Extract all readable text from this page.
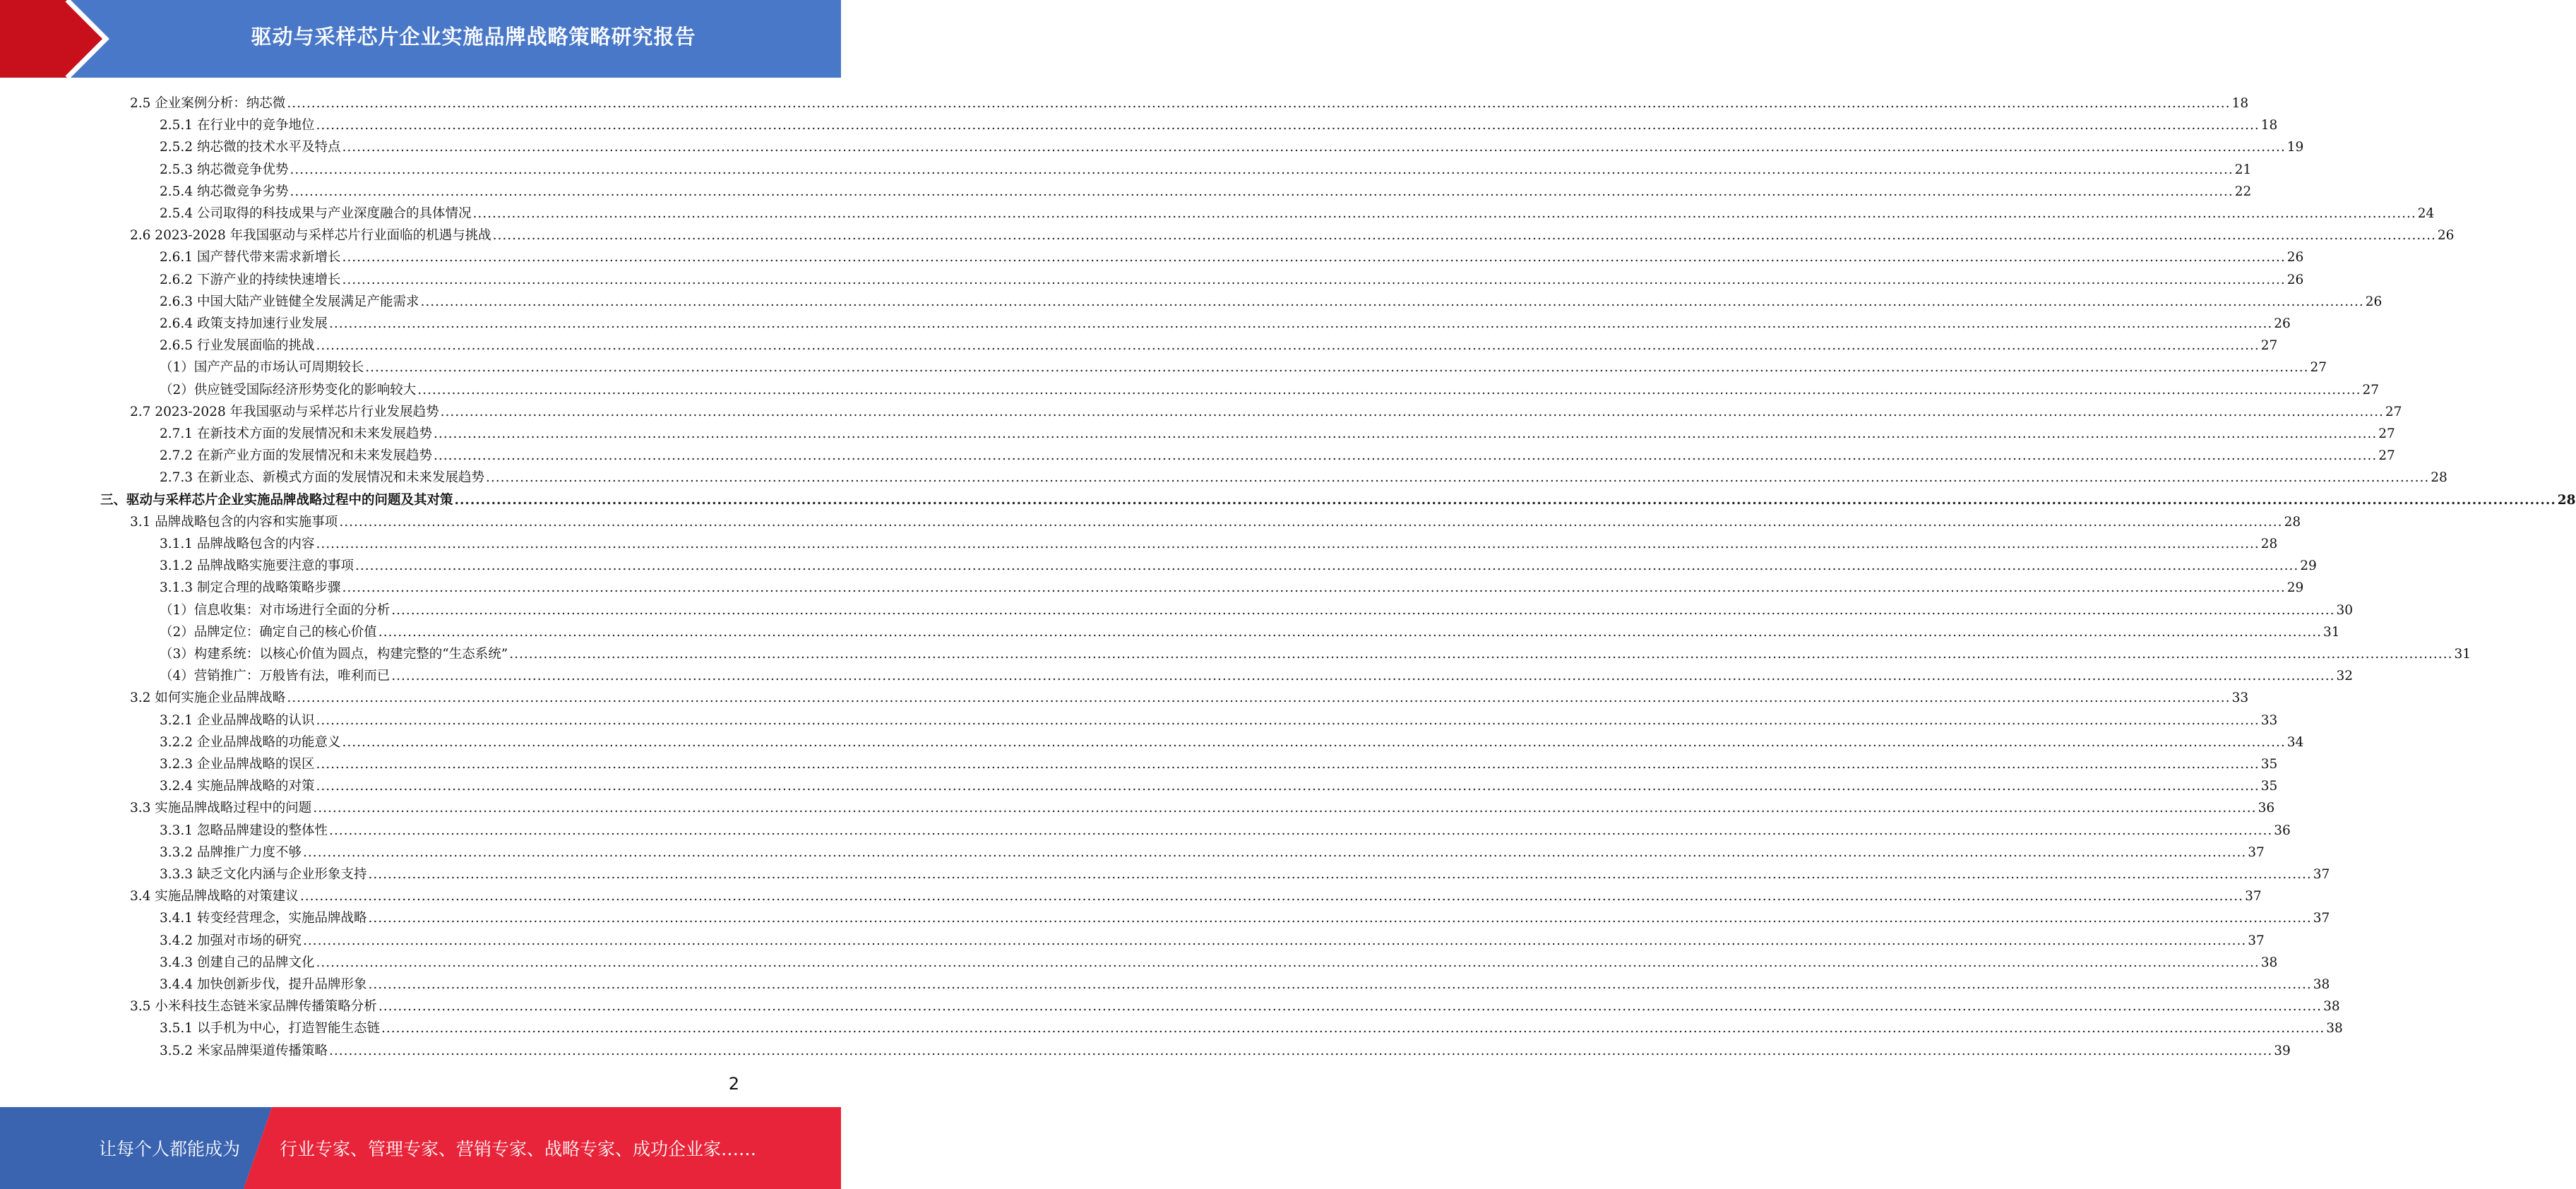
驱动与采样芯片企业实施品牌战略策略研究报告
2.5 企业案例分析：纳芯微 ................................................................................................................................................................................................................................................................................................................................................................................................................ 18
2.5.1 在行业中的竞争地位 ................................................................................................................................................................................................................................................................................................................................................................................................................ 18
2.5.2 纳芯微的技术水平及特点 ................................................................................................................................................................................................................................................................................................................................................................................................................ 19
2.5.3 纳芯微竞争优势 ................................................................................................................................................................................................................................................................................................................................................................................................................ 21
2.5.4 纳芯微竞争劣势 ................................................................................................................................................................................................................................................................................................................................................................................................................ 22
2.5.4 公司取得的科技成果与产业深度融合的具体情况 ................................................................................................................................................................................................................................................................................................................................................................................................................ 24
2.6 2023-2028 年我国驱动与采样芯片行业面临的机遇与挑战 ................................................................................................................................................................................................................................................................................................................................................................................................................ 26
2.6.1 国产替代带来需求新增长 ................................................................................................................................................................................................................................................................................................................................................................................................................ 26
2.6.2 下游产业的持续快速增长 ................................................................................................................................................................................................................................................................................................................................................................................................................ 26
2.6.3 中国大陆产业链健全发展满足产能需求 ................................................................................................................................................................................................................................................................................................................................................................................................................ 26
2.6.4 政策支持加速行业发展 ................................................................................................................................................................................................................................................................................................................................................................................................................ 26
2.6.5 行业发展面临的挑战 ................................................................................................................................................................................................................................................................................................................................................................................................................ 27
（1）国产产品的市场认可周期较长 ................................................................................................................................................................................................................................................................................................................................................................................................................ 27
（2）供应链受国际经济形势变化的影响较大 ................................................................................................................................................................................................................................................................................................................................................................................................................ 27
2.7 2023-2028 年我国驱动与采样芯片行业发展趋势 ................................................................................................................................................................................................................................................................................................................................................................................................................ 27
2.7.1 在新技术方面的发展情况和未来发展趋势 ................................................................................................................................................................................................................................................................................................................................................................................................................ 27
2.7.2 在新产业方面的发展情况和未来发展趋势 ................................................................................................................................................................................................................................................................................................................................................................................................................ 27
2.7.3 在新业态、新模式方面的发展情况和未来发展趋势 ................................................................................................................................................................................................................................................................................................................................................................................................................ 28
三、驱动与采样芯片企业实施品牌战略过程中的问题及其对策 ................................................................................................................................................................................................................................................................................................................................................................................................................ 28
3.1 品牌战略包含的内容和实施事项 ................................................................................................................................................................................................................................................................................................................................................................................................................ 28
3.1.1 品牌战略包含的内容 ................................................................................................................................................................................................................................................................................................................................................................................................................ 28
3.1.2 品牌战略实施要注意的事项 ................................................................................................................................................................................................................................................................................................................................................................................................................ 29
3.1.3 制定合理的战略策略步骤 ................................................................................................................................................................................................................................................................................................................................................................................................................ 29
（1）信息收集：对市场进行全面的分析 ................................................................................................................................................................................................................................................................................................................................................................................................................ 30
（2）品牌定位：确定自己的核心价值 ................................................................................................................................................................................................................................................................................................................................................................................................................ 31
（3）构建系统：以核心价值为圆点，构建完整的“生态系统” ................................................................................................................................................................................................................................................................................................................................................................................................................ 31
（4）营销推广：万般皆有法，唯利而已 ................................................................................................................................................................................................................................................................................................................................................................................................................ 32
3.2 如何实施企业品牌战略 ................................................................................................................................................................................................................................................................................................................................................................................................................ 33
3.2.1 企业品牌战略的认识 ................................................................................................................................................................................................................................................................................................................................................................................................................ 33
3.2.2 企业品牌战略的功能意义 ................................................................................................................................................................................................................................................................................................................................................................................................................ 34
3.2.3 企业品牌战略的误区 ................................................................................................................................................................................................................................................................................................................................................................................................................ 35
3.2.4 实施品牌战略的对策 ................................................................................................................................................................................................................................................................................................................................................................................................................ 35
3.3 实施品牌战略过程中的问题 ................................................................................................................................................................................................................................................................................................................................................................................................................ 36
3.3.1 忽略品牌建设的整体性 ................................................................................................................................................................................................................................................................................................................................................................................................................ 36
3.3.2 品牌推广力度不够 ................................................................................................................................................................................................................................................................................................................................................................................................................ 37
3.3.3 缺乏文化内涵与企业形象支持 ................................................................................................................................................................................................................................................................................................................................................................................................................ 37
3.4 实施品牌战略的对策建议 ................................................................................................................................................................................................................................................................................................................................................................................................................ 37
3.4.1 转变经营理念，实施品牌战略 ................................................................................................................................................................................................................................................................................................................................................................................................................ 37
3.4.2 加强对市场的研究 ................................................................................................................................................................................................................................................................................................................................................................................................................ 37
3.4.3 创建自己的品牌文化 ................................................................................................................................................................................................................................................................................................................................................................................................................ 38
3.4.4 加快创新步伐，提升品牌形象 ................................................................................................................................................................................................................................................................................................................................................................................................................ 38
3.5 小米科技生态链米家品牌传播策略分析 ................................................................................................................................................................................................................................................................................................................................................................................................................ 38
3.5.1 以手机为中心，打造智能生态链 ................................................................................................................................................................................................................................................................................................................................................................................................................ 38
3.5.2 米家品牌渠道传播策略 ................................................................................................................................................................................................................................................................................................................................................................................................................ 39
2
让每个人都能成为 行业专家、管理专家、营销专家、战略专家、成功企业家……
